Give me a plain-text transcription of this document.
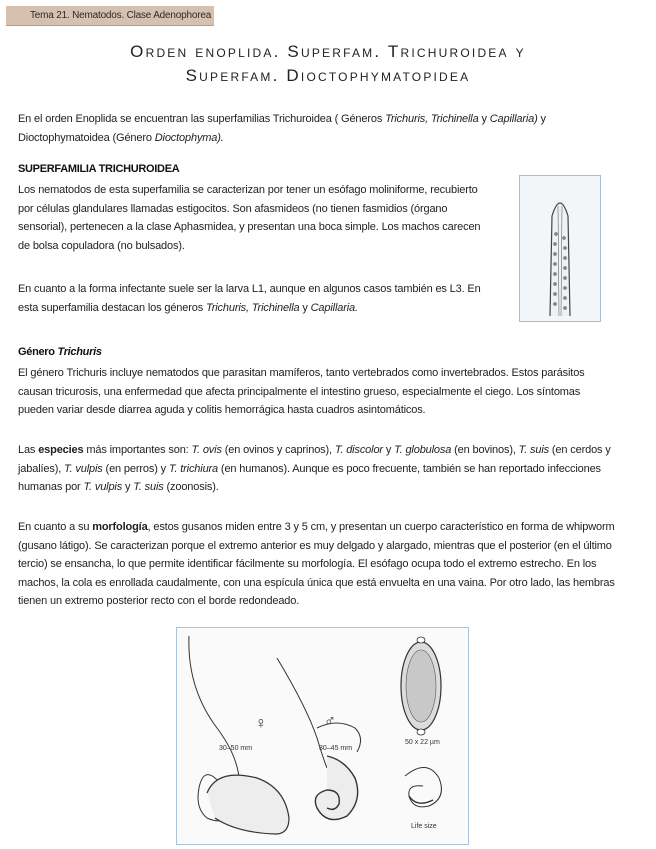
Tema 21. Nematodos. Clase Adenophorea
Orden enoplida. Superfam. Trichuroidea y
Superfam. Dioctophymatopidea

En el orden Enoplida se encuentran las superfamilias Trichuroidea ( Géneros Trichuris, Trichinella y Capillaria) y Dioctophymatoidea (Género Dioctophyma).

SUPERFAMILIA TRICHUROIDEA

Los nematodos de esta superfamilia se caracterizan por tener un esófago moliniforme, recubierto por células glandulares llamadas estigocitos. Son afasmideos (no tienen fasmidios (órgano sensorial), pertenecen a la clase Aphasmidea, y presentan una boca simple. Los machos carecen de bolsa copuladora (no bulsados).

En cuanto a la forma infectante suele ser la larva L1, aunque en algunos casos también es L3. En esta superfamilia destacan los géneros Trichuris, Trichinella y Capillaria.

Género Trichuris

El género Trichuris incluye nematodos que parasitan mamíferos, tanto vertebrados como invertebrados. Estos parásitos causan tricurosis, una enfermedad que afecta principalmente el intestino grueso, especialmente el ciego. Los síntomas pueden variar desde diarrea aguda y colitis hemorrágica hasta cuadros asintomáticos.

Las especies más importantes son: T. ovis (en ovinos y caprinos), T. discolor y T. globulosa (en bovinos), T. suis (en cerdos y jabalíes), T. vulpis (en perros) y T. trichiura (en humanos). Aunque es poco frecuente, también se han reportado infecciones humanas por T. vulpis y T. suis (zoonosis).

En cuanto a su morfología, estos gusanos miden entre 3 y 5 cm, y presentan un cuerpo característico en forma de whipworm (gusano látigo). Se caracterizan porque el extremo anterior es muy delgado y alargado, mientras que el posterior (en el último tercio) se ensancha, lo que permite identificar fácilmente su morfología. El esófago ocupa todo el extremo estrecho. En los machos, la cola es enrollada caudalmente, con una espícula única que está envuelta en una vaina. Por otro lado, las hembras tienen un extremo posterior recto con el borde redondeado.

♀
30–50 mm
♂
30–45 mm
50 x 22 µm
Life size
